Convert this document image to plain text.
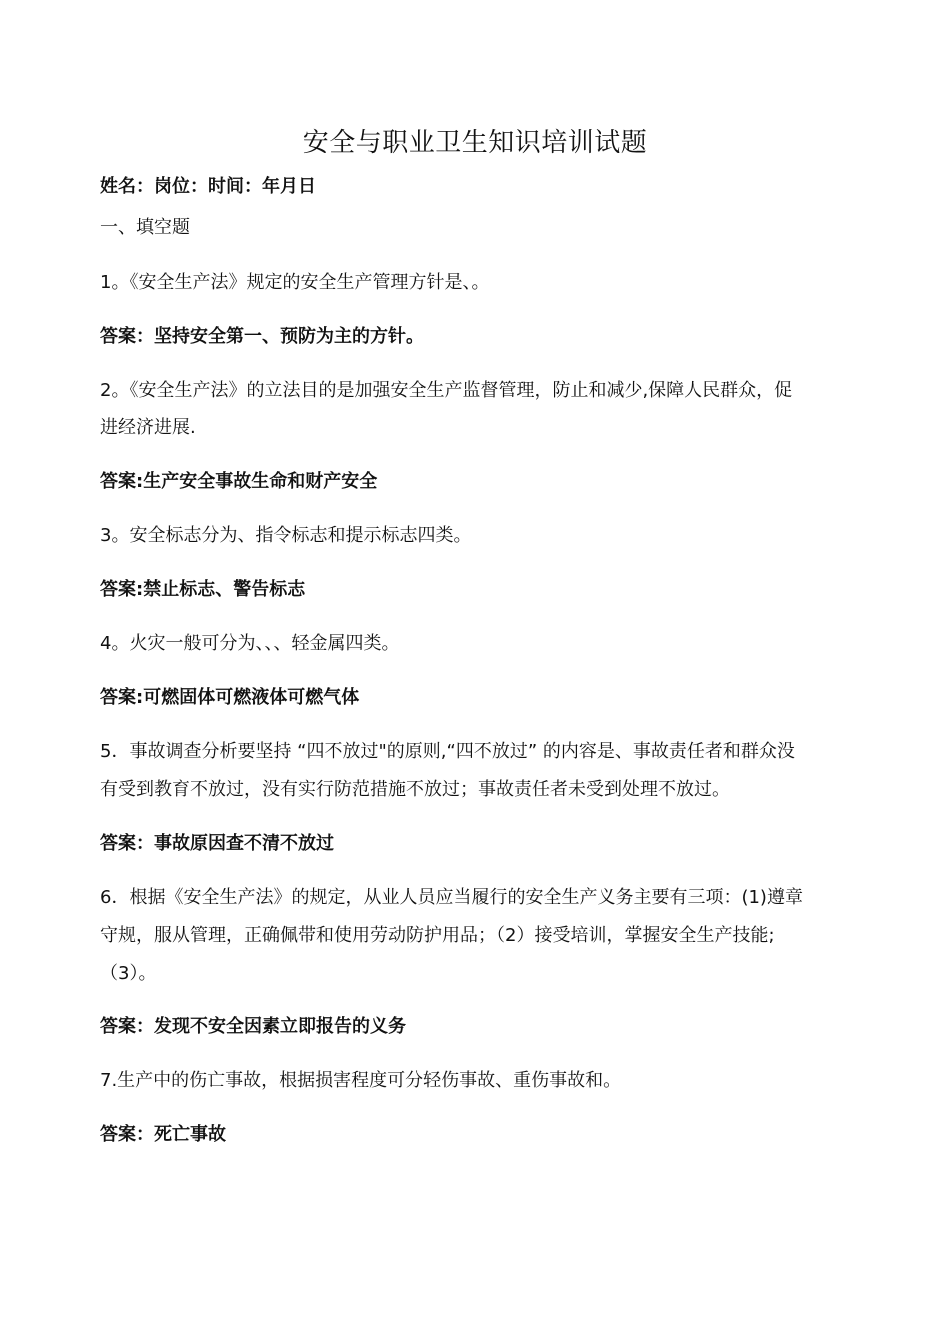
安全与职业卫生知识培训试题

姓名：岗位：时间：年月日

一、填空题

1。《安全生产法》规定的安全生产管理方针是、。

答案：坚持安全第一、预防为主的方针。

2。《安全生产法》的立法目的是加强安全生产监督管理，防止和减少,保障人民群众，促

进经济进展.

答案:生产安全事故生命和财产安全

3。安全标志分为、指令标志和提示标志四类。

答案:禁止标志、警告标志

4。火灾一般可分为、、、轻金属四类。

答案:可燃固体可燃液体可燃气体

5．事故调查分析要坚持 “四不放过"的原则,“四不放过” 的内容是、事故责任者和群众没

有受到教育不放过，没有实行防范措施不放过；事故责任者未受到处理不放过。

答案：事故原因查不清不放过

6．根据《安全生产法》的规定，从业人员应当履行的安全生产义务主要有三项：(1)遵章

守规，服从管理，正确佩带和使用劳动防护用品；（2）接受培训，掌握安全生产技能;

（3）。

答案：发现不安全因素立即报告的义务

7.生产中的伤亡事故，根据损害程度可分轻伤事故、重伤事故和。

答案：死亡事故
